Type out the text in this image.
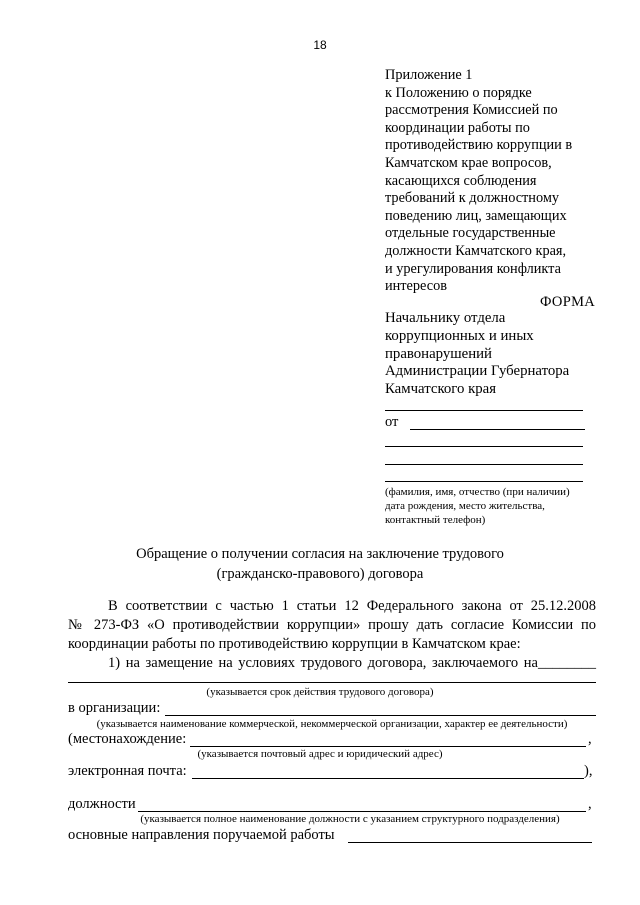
18
Приложение 1
к Положению о порядке
рассмотрения Комиссией по
координации работы по
противодействию коррупции в
Камчатском крае вопросов,
касающихся соблюдения
требований к должностному
поведению лиц, замещающих
отдельные государственные
должности Камчатского края,
и урегулирования конфликта
интересов
ФОРМА
Начальнику отдела
коррупционных и иных
правонарушений
Администрации Губернатора
Камчатского края
от
(фамилия, имя, отчество (при наличии)
дата рождения, место жительства,
контактный телефон)
Обращение о получении согласия на заключение трудового
(гражданско-правового) договора
В соответствии с частью 1 статьи 12 Федерального закона от 25.12.2008
№ 273-ФЗ «О противодействии коррупции» прошу дать согласие Комиссии по
координации работы по противодействию коррупции в Камчатском крае:
1) на замещение на условиях трудового договора, заключаемого на________
(указывается срок действия трудового договора)
в организации:
(указывается наименование коммерческой, некоммерческой организации, характер ее деятельности)
(местонахождение:	,
(указывается почтовый адрес и юридический адрес)
электронная почта:	),
должности	,
(указывается полное наименование должности с указанием структурного подразделения)
основные направления поручаемой работы
